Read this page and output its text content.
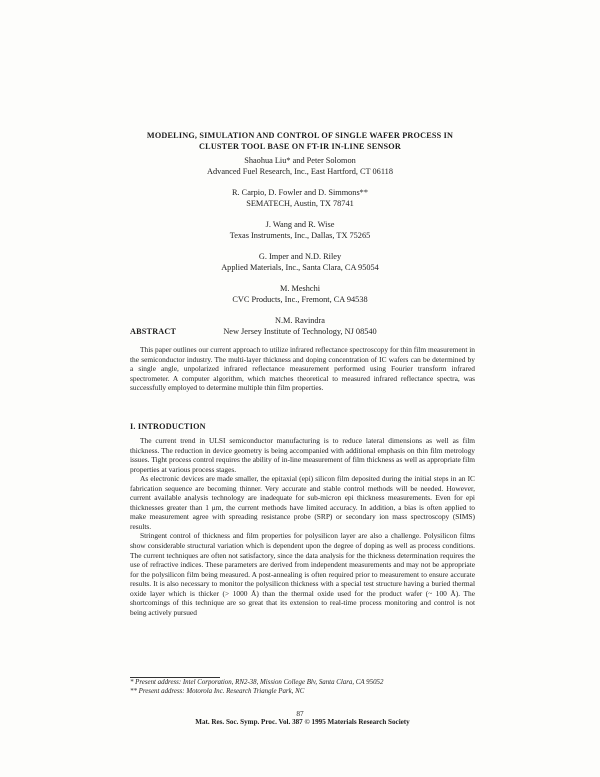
MODELING, SIMULATION AND CONTROL OF SINGLE WAFER PROCESS IN
CLUSTER TOOL BASE ON FT-IR IN-LINE SENSOR
Shaohua Liu* and Peter Solomon
Advanced Fuel Research, Inc., East Hartford, CT 06118
R. Carpio, D. Fowler and D. Simmons**
SEMATECH, Austin, TX 78741
J. Wang and R. Wise
Texas Instruments, Inc., Dallas, TX 75265
G. Imper and N.D. Riley
Applied Materials, Inc., Santa Clara, CA 95054
M. Meshchi
CVC Products, Inc., Fremont, CA 94538
N.M. Ravindra
New Jersey Institute of Technology, NJ 08540
ABSTRACT

This paper outlines our current approach to utilize infrared reflectance spectroscopy for thin film measurement in the semiconductor industry. The multi-layer thickness and doping concentration of IC wafers can be determined by a single angle, unpolarized infrared reflectance measurement performed using Fourier transform infrared spectrometer. A computer algorithm, which matches theoretical to measured infrared reflectance spectra, was successfully employed to determine multiple thin film properties.

I. INTRODUCTION

The current trend in ULSI semiconductor manufacturing is to reduce lateral dimensions as well as film thickness. The reduction in device geometry is being accompanied with additional emphasis on thin film metrology issues. Tight process control requires the ability of in-line measurement of film thickness as well as appropriate film properties at various process stages.

As electronic devices are made smaller, the epitaxial (epi) silicon film deposited during the initial steps in an IC fabrication sequence are becoming thinner. Very accurate and stable control methods will be needed. However, current available analysis technology are inadequate for sub-micron epi thickness measurements. Even for epi thicknesses greater than 1 μm, the current methods have limited accuracy. In addition, a bias is often applied to make measurement agree with spreading resistance probe (SRP) or secondary ion mass spectroscopy (SIMS) results.

Stringent control of thickness and film properties for polysilicon layer are also a challenge. Polysilicon films show considerable structural variation which is dependent upon the degree of doping as well as process conditions. The current techniques are often not satisfactory, since the data analysis for the thickness determination requires the use of refractive indices. These parameters are derived from independent measurements and may not be appropriate for the polysilicon film being measured. A post-annealing is often required prior to measurement to ensure accurate results. It is also necessary to monitor the polysilicon thickness with a special test structure having a buried thermal oxide layer which is thicker (> 1000 Å) than the thermal oxide used for the product wafer (~ 100 Å). The shortcomings of this technique are so great that its extension to real-time process monitoring and control is not being actively pursued

* Present address: Intel Corporation, RN2-38, Mission College Blv, Santa Clara, CA 95052
** Present address: Motorola Inc. Research Triangle Park, NC
87
Mat. Res. Soc. Symp. Proc. Vol. 387 © 1995 Materials Research Society
